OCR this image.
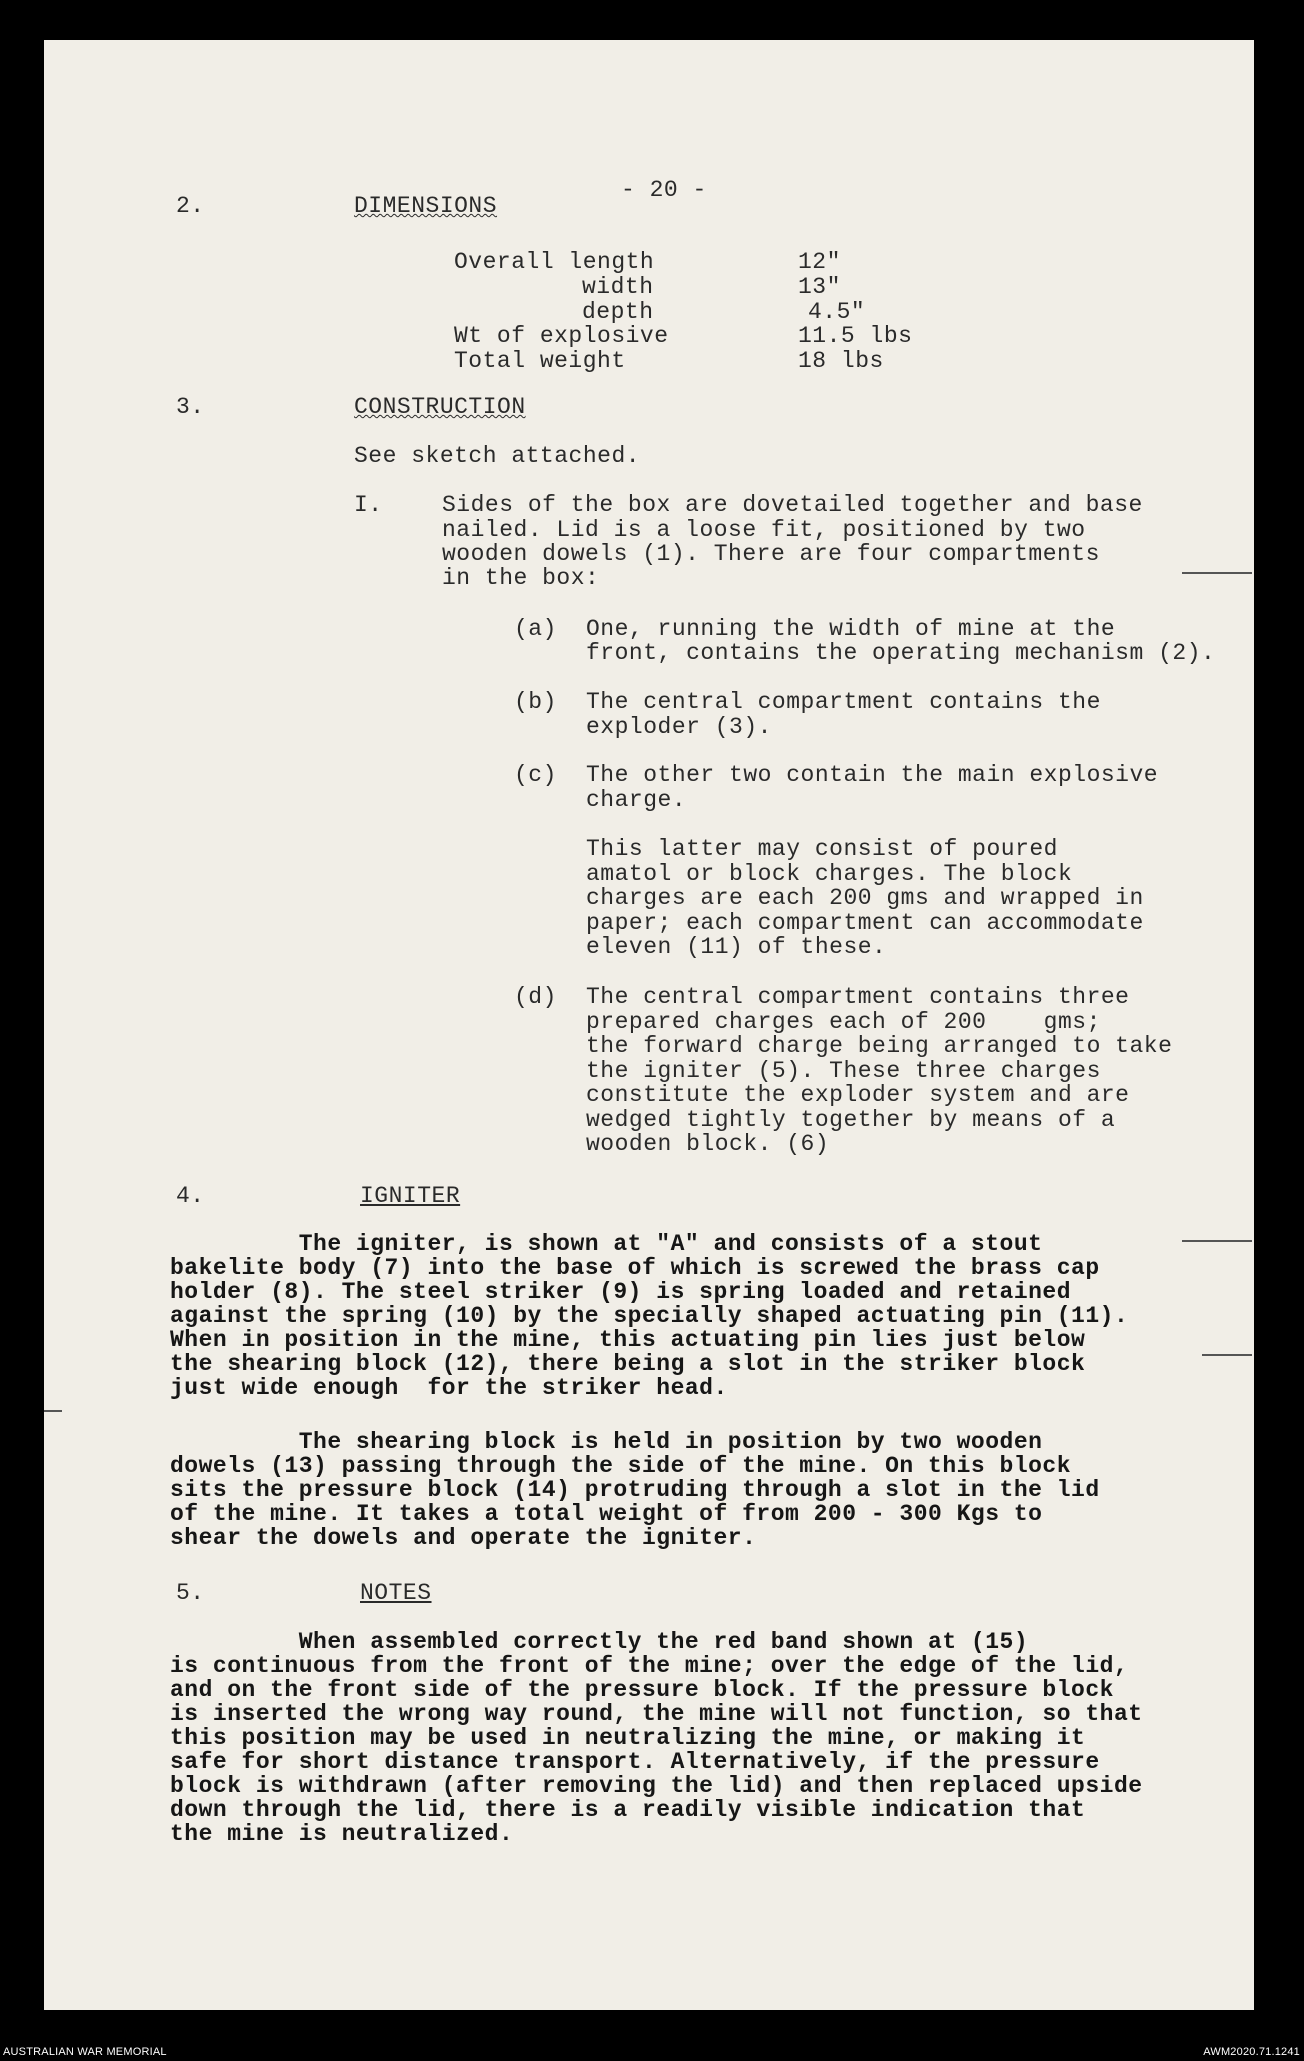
- 20 -
2.	DIMENSIONS
Overall length	12"
width	13"
depth	4.5"
Wt of explosive	11.5 lbs
Total weight	18 lbs
3.	CONSTRUCTION
See sketch attached.
I.	Sides of the box are dovetailed together and base
nailed. Lid is a loose fit, positioned by two
wooden dowels (1). There are four compartments
in the box:
(a) One, running the width of mine at the
front, contains the operating mechanism (2).
(b) The central compartment contains the
exploder (3).
(c) The other two contain the main explosive
charge.
This latter may consist of poured
amatol or block charges. The block
charges are each 200 gms and wrapped in
paper; each compartment can accommodate
eleven (11) of these.
(d) The central compartment contains three
prepared charges each of 200    gms;
the forward charge being arranged to take
the igniter (5). These three charges
constitute the exploder system and are
wedged tightly together by means of a
wooden block. (6)
4.	IGNITER
The igniter, is shown at "A" and consists of a stout
bakelite body (7) into the base of which is screwed the brass cap
holder (8). The steel striker (9) is spring loaded and retained
against the spring (10) by the specially shaped actuating pin (11).
When in position in the mine, this actuating pin lies just below
the shearing block (12), there being a slot in the striker block
just wide enough  for the striker head.
The shearing block is held in position by two wooden
dowels (13) passing through the side of the mine. On this block
sits the pressure block (14) protruding through a slot in the lid
of the mine. It takes a total weight of from 200 - 300 Kgs to
shear the dowels and operate the igniter.
5.	NOTES
When assembled correctly the red band shown at (15)
is continuous from the front of the mine; over the edge of the lid,
and on the front side of the pressure block. If the pressure block
is inserted the wrong way round, the mine will not function, so that
this position may be used in neutralizing the mine, or making it
safe for short distance transport. Alternatively, if the pressure
block is withdrawn (after removing the lid) and then replaced upside
down through the lid, there is a readily visible indication that
the mine is neutralized.
AUSTRALIAN WAR MEMORIAL	AWM2020.71.1241
